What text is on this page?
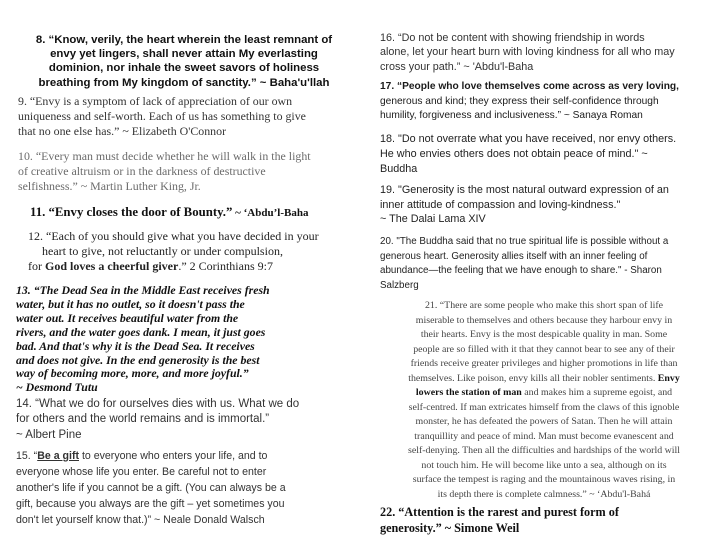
8. “Know, verily, the heart wherein the least remnant of
envy yet lingers, shall never attain My everlasting
dominion, nor inhale the sweet savors of holiness
breathing from My kingdom of sanctity.” ~ Baha'u'llah
9. “Envy is a symptom of lack of appreciation of our own
uniqueness and self-worth. Each of us has something to give
that no one else has.” ~ Elizabeth O'Connor
10. “Every man must decide whether he will walk in the light
of creative altruism or in the darkness of destructive
selfishness.” ~ Martin Luther King, Jr.
11. “Envy closes the door of Bounty.” ~ ‘Abdu’l-Baha
12. “Each of you should give what you have decided in your
heart to give, not reluctantly or under compulsion,
for God loves a cheerful giver.” 2 Corinthians 9:7
13. “The Dead Sea in the Middle East receives fresh
water, but it has no outlet, so it doesn't pass the
water out. It receives beautiful water from the
rivers, and the water goes dank. I mean, it just goes
bad. And that's why it is the Dead Sea. It receives
and does not give. In the end generosity is the best
way of becoming more, more, and more joyful.”
~ Desmond Tutu
14. “What we do for ourselves dies with us. What we do
for others and the world remains and is immortal.”
~ Albert Pine
15. “Be a gift to everyone who enters your life, and to
everyone whose life you enter. Be careful not to enter
another's life if you cannot be a gift. (You can always be a
gift, because you always are the gift – yet sometimes you
don't let yourself know that.)” ~ Neale Donald Walsch
16. “Do not be content with showing friendship in words
alone, let your heart burn with loving kindness for all who may
cross your path.” ~ 'Abdu'l-Baha
17. “People who love themselves come across as very loving,
generous and kind; they express their self-confidence through
humility, forgiveness and inclusiveness.” ~ Sanaya Roman
18. "Do not overrate what you have received, nor envy others.
He who envies others does not obtain peace of mind." ~
Buddha
19. "Generosity is the most natural outward expression of an
inner attitude of compassion and loving-kindness."
~ The Dalai Lama XIV
20. "The Buddha said that no true spiritual life is possible without a
generous heart. Generosity allies itself with an inner feeling of
abundance—the feeling that we have enough to share." - Sharon
Salzberg
21. “There are some people who make this short span of life
miserable to themselves and others because they harbour envy in
their hearts. Envy is the most despicable quality in man. Some
people are so filled with it that they cannot bear to see any of their
friends receive greater privileges and higher promotions in life than
themselves. Like poison, envy kills all their nobler sentiments. Envy
lowers the station of man and makes him a supreme egoist, and
self-centred. If man extricates himself from the claws of this ignoble
monster, he has defeated the powers of Satan. Then he will attain
tranquillity and peace of mind. Man must become evanescent and
self-denying. Then all the difficulties and hardships of the world will
not touch him. He will become like unto a sea, although on its
surface the tempest is raging and the mountainous waves rising, in
its depth there is complete calmness.” ~ ‘Abdu'l-Bahá
22. “Attention is the rarest and purest form of
generosity.” ~ Simone Weil
